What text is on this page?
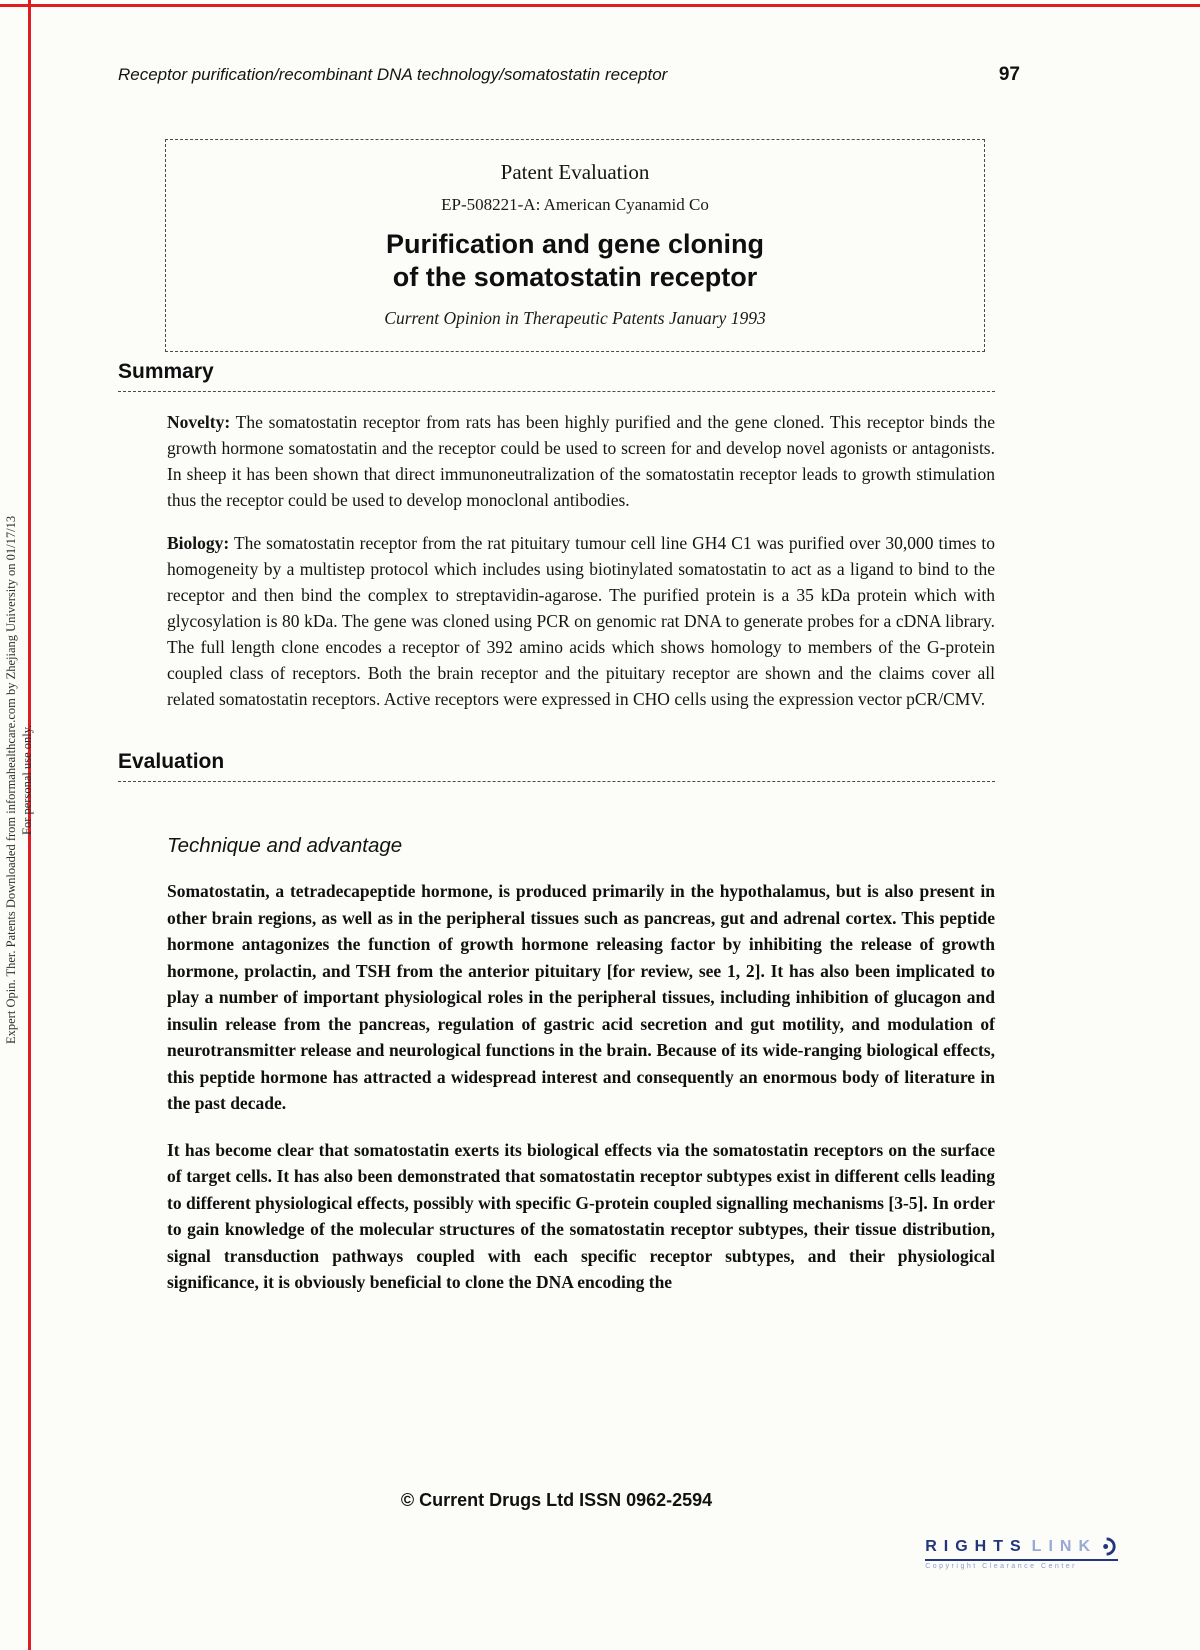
Expert Opin. Ther. Patents Downloaded from informahealthcare.com by Zhejiang University on 01/17/13 For personal use only.
Receptor purification/recombinant DNA technology/somatostatin receptor	97
Patent Evaluation
EP-508221-A: American Cyanamid Co
Purification and gene cloning
of the somatostatin receptor
Current Opinion in Therapeutic Patents January 1993
Summary

Novelty: The somatostatin receptor from rats has been highly purified and the gene cloned. This receptor binds the growth hormone somatostatin and the receptor could be used to screen for and develop novel agonists or antagonists. In sheep it has been shown that direct immunoneutralization of the somatostatin receptor leads to growth stimulation thus the receptor could be used to develop monoclonal antibodies.

Biology: The somatostatin receptor from the rat pituitary tumour cell line GH4 C1 was purified over 30,000 times to homogeneity by a multistep protocol which includes using biotinylated somatostatin to act as a ligand to bind to the receptor and then bind the complex to streptavidin-agarose. The purified protein is a 35 kDa protein which with glycosylation is 80 kDa. The gene was cloned using PCR on genomic rat DNA to generate probes for a cDNA library. The full length clone encodes a receptor of 392 amino acids which shows homology to members of the G-protein coupled class of receptors. Both the brain receptor and the pituitary receptor are shown and the claims cover all related somatostatin receptors. Active receptors were expressed in CHO cells using the expression vector pCR/CMV.

Evaluation
Technique and advantage

Somatostatin, a tetradecapeptide hormone, is produced primarily in the hypothalamus, but is also present in other brain regions, as well as in the peripheral tissues such as pancreas, gut and adrenal cortex. This peptide hormone antagonizes the function of growth hormone releasing factor by inhibiting the release of growth hormone, prolactin, and TSH from the anterior pituitary [for review, see 1, 2]. It has also been implicated to play a number of important physiological roles in the peripheral tissues, including inhibition of glucagon and insulin release from the pancreas, regulation of gastric acid secretion and gut motility, and modulation of neurotransmitter release and neurological functions in the brain. Because of its wide-ranging biological effects, this peptide hormone has attracted a widespread interest and consequently an enormous body of literature in the past decade.

It has become clear that somatostatin exerts its biological effects via the somatostatin receptors on the surface of target cells. It has also been demonstrated that somatostatin receptor subtypes exist in different cells leading to different physiological effects, possibly with specific G-protein coupled signalling mechanisms [3-5]. In order to gain knowledge of the molecular structures of the somatostatin receptor subtypes, their tissue distribution, signal transduction pathways coupled with each specific receptor subtypes, and their physiological significance, it is obviously beneficial to clone the DNA encoding the

© Current Drugs Ltd ISSN 0962-2594
RIGHTS LINK
Copyright Clearance Center
